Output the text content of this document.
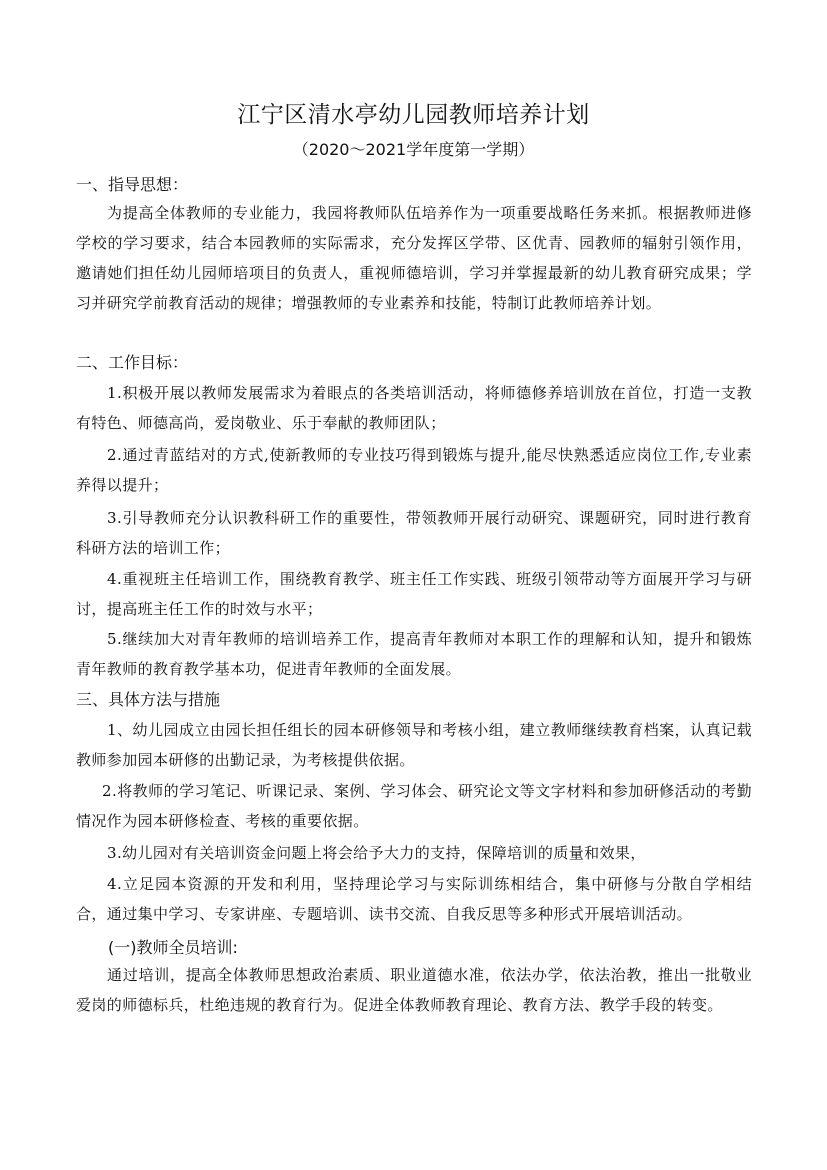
江宁区清水亭幼儿园教师培养计划
（2020～2021学年度第一学期）
一、指导思想：
为提高全体教师的专业能力，我园将教师队伍培养作为一项重要战略任务来抓。根据教师进修学校的学习要求，结合本园教师的实际需求，充分发挥区学带、区优青、园教师的辐射引领作用，邀请她们担任幼儿园师培项目的负责人，重视师德培训，学习并掌握最新的幼儿教育研究成果；学习并研究学前教育活动的规律；增强教师的专业素养和技能，特制订此教师培养计划。
二、工作目标：
1.积极开展以教师发展需求为着眼点的各类培训活动，将师德修养培训放在首位，打造一支教有特色、师德高尚，爱岗敬业、乐于奉献的教师团队；
2.通过青蓝结对的方式,使新教师的专业技巧得到锻炼与提升,能尽快熟悉适应岗位工作,专业素养得以提升；
3.引导教师充分认识教科研工作的重要性，带领教师开展行动研究、课题研究，同时进行教育科研方法的培训工作；
4.重视班主任培训工作，围绕教育教学、班主任工作实践、班级引领带动等方面展开学习与研讨，提高班主任工作的时效与水平；
5.继续加大对青年教师的培训培养工作，提高青年教师对本职工作的理解和认知，提升和锻炼青年教师的教育教学基本功，促进青年教师的全面发展。
三、具体方法与措施
1、幼儿园成立由园长担任组长的园本研修领导和考核小组，建立教师继续教育档案，认真记载教师参加园本研修的出勤记录，为考核提供依据。
2.将教师的学习笔记、听课记录、案例、学习体会、研究论文等文字材料和参加研修活动的考勤情况作为园本研修检查、考核的重要依据。
3.幼儿园对有关培训资金问题上将会给予大力的支持，保障培训的质量和效果，
4.立足园本资源的开发和利用，坚持理论学习与实际训练相结合，集中研修与分散自学相结合，通过集中学习、专家讲座、专题培训、读书交流、自我反思等多种形式开展培训活动。
(一)教师全员培训:
通过培训，提高全体教师思想政治素质、职业道德水准，依法办学，依法治教，推出一批敬业爱岗的师德标兵，杜绝违规的教育行为。促进全体教师教育理论、教育方法、教学手段的转变。
